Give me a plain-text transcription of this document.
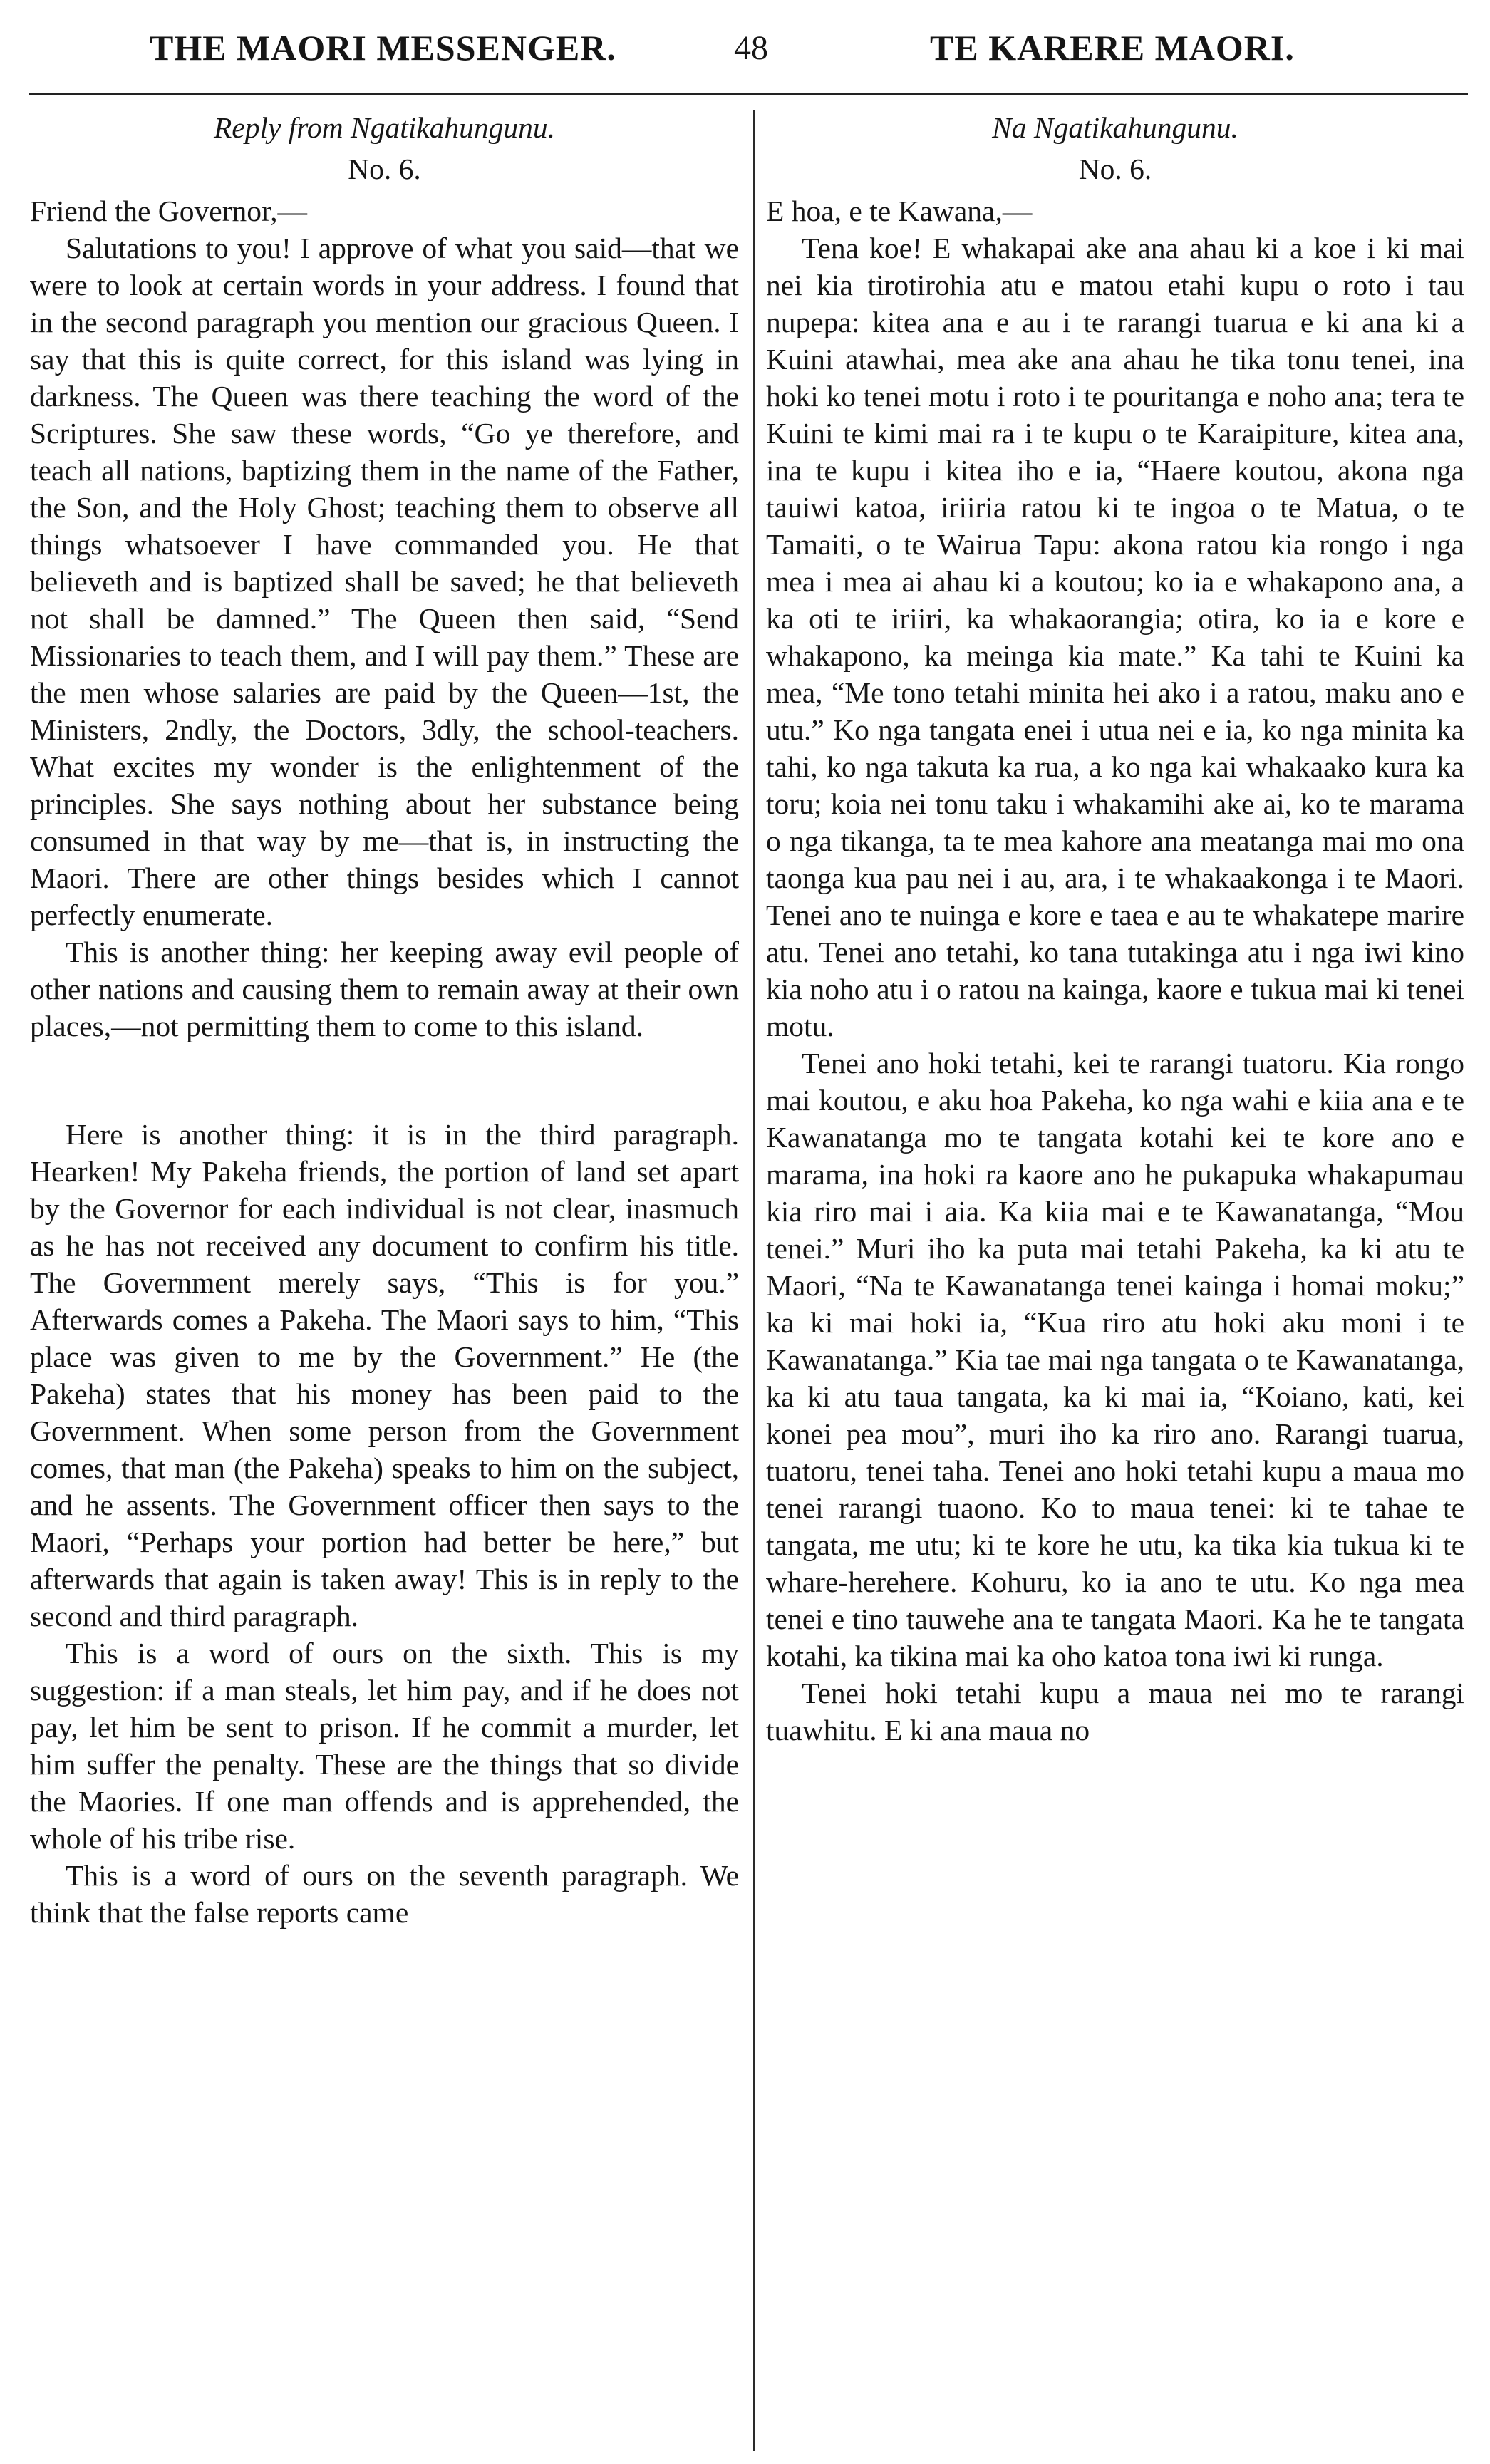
THE MAORI MESSENGER.	48	TE KARERE MAORI.

Reply from Ngatikahungunu.

No. 6.

Friend the Governor,—

Salutations to you! I approve of what you said—that we were to look at certain words in your address. I found that in the second paragraph you mention our gracious Queen. I say that this is quite correct, for this island was lying in darkness. The Queen was there teaching the word of the Scriptures. She saw these words, “Go ye therefore, and teach all nations, baptizing them in the name of the Father, the Son, and the Holy Ghost; teaching them to observe all things whatsoever I have commanded you. He that believeth and is baptized shall be saved; he that believeth not shall be damned.” The Queen then said, “Send Missionaries to teach them, and I will pay them.” These are the men whose salaries are paid by the Queen—1st, the Ministers, 2ndly, the Doctors, 3dly, the school-teachers. What excites my wonder is the enlightenment of the principles. She says nothing about her substance being consumed in that way by me—that is, in instructing the Maori. There are other things besides which I cannot perfectly enumerate.

This is another thing: her keeping away evil people of other nations and causing them to remain away at their own places,—not permitting them to come to this island.

Here is another thing: it is in the third paragraph. Hearken! My Pakeha friends, the portion of land set apart by the Governor for each individual is not clear, inasmuch as he has not received any document to confirm his title. The Government merely says, “This is for you.” Afterwards comes a Pakeha. The Maori says to him, “This place was given to me by the Government.” He (the Pakeha) states that his money has been paid to the Government. When some person from the Government comes, that man (the Pakeha) speaks to him on the subject, and he assents. The Government officer then says to the Maori, “Perhaps your portion had better be here,” but afterwards that again is taken away! This is in reply to the second and third paragraph.

This is a word of ours on the sixth. This is my suggestion: if a man steals, let him pay, and if he does not pay, let him be sent to prison. If he commit a murder, let him suffer the penalty. These are the things that so divide the Maories. If one man offends and is apprehended, the whole of his tribe rise.

This is a word of ours on the seventh paragraph. We think that the false reports came

Na Ngatikahungunu.

No. 6.

E hoa, e te Kawana,—

Tena koe! E whakapai ake ana ahau ki a koe i ki mai nei kia tirotirohia atu e matou etahi kupu o roto i tau nupepa: kitea ana e au i te rarangi tuarua e ki ana ki a Kuini atawhai, mea ake ana ahau he tika tonu tenei, ina hoki ko tenei motu i roto i te pouritanga e noho ana; tera te Kuini te kimi mai ra i te kupu o te Karaipiture, kitea ana, ina te kupu i kitea iho e ia, “Haere koutou, akona nga tauiwi katoa, iriiria ratou ki te ingoa o te Matua, o te Tamaiti, o te Wairua Tapu: akona ratou kia rongo i nga mea i mea ai ahau ki a koutou; ko ia e whakapono ana, a ka oti te iriiri, ka whakaorangia; otira, ko ia e kore e whakapono, ka meinga kia mate.” Ka tahi te Kuini ka mea, “Me tono tetahi minita hei ako i a ratou, maku ano e utu.” Ko nga tangata enei i utua nei e ia, ko nga minita ka tahi, ko nga takuta ka rua, a ko nga kai whakaako kura ka toru; koia nei tonu taku i whakamihi ake ai, ko te marama o nga tikanga, ta te mea kahore ana meatanga mai mo ona taonga kua pau nei i au, ara, i te whakaakonga i te Maori. Tenei ano te nuinga e kore e taea e au te whakatepe marire atu. Tenei ano tetahi, ko tana tutakinga atu i nga iwi kino kia noho atu i o ratou na kainga, kaore e tukua mai ki tenei motu.

Tenei ano hoki tetahi, kei te rarangi tuatoru. Kia rongo mai koutou, e aku hoa Pakeha, ko nga wahi e kiia ana e te Kawanatanga mo te tangata kotahi kei te kore ano e marama, ina hoki ra kaore ano he pukapuka whakapumau kia riro mai i aia. Ka kiia mai e te Kawanatanga, “Mou tenei.” Muri iho ka puta mai tetahi Pakeha, ka ki atu te Maori, “Na te Kawanatanga tenei kainga i homai moku;” ka ki mai hoki ia, “Kua riro atu hoki aku moni i te Kawanatanga.” Kia tae mai nga tangata o te Kawanatanga, ka ki atu taua tangata, ka ki mai ia, “Koiano, kati, kei konei pea mou”, muri iho ka riro ano. Rarangi tuarua, tuatoru, tenei taha. Tenei ano hoki tetahi kupu a maua mo tenei rarangi tuaono. Ko to maua tenei: ki te tahae te tangata, me utu; ki te kore he utu, ka tika kia tukua ki te whare-herehere. Kohuru, ko ia ano te utu. Ko nga mea tenei e tino tauwehe ana te tangata Maori. Ka he te tangata kotahi, ka tikina mai ka oho katoa tona iwi ki runga.

Tenei hoki tetahi kupu a maua nei mo te rarangi tuawhitu. E ki ana maua no
